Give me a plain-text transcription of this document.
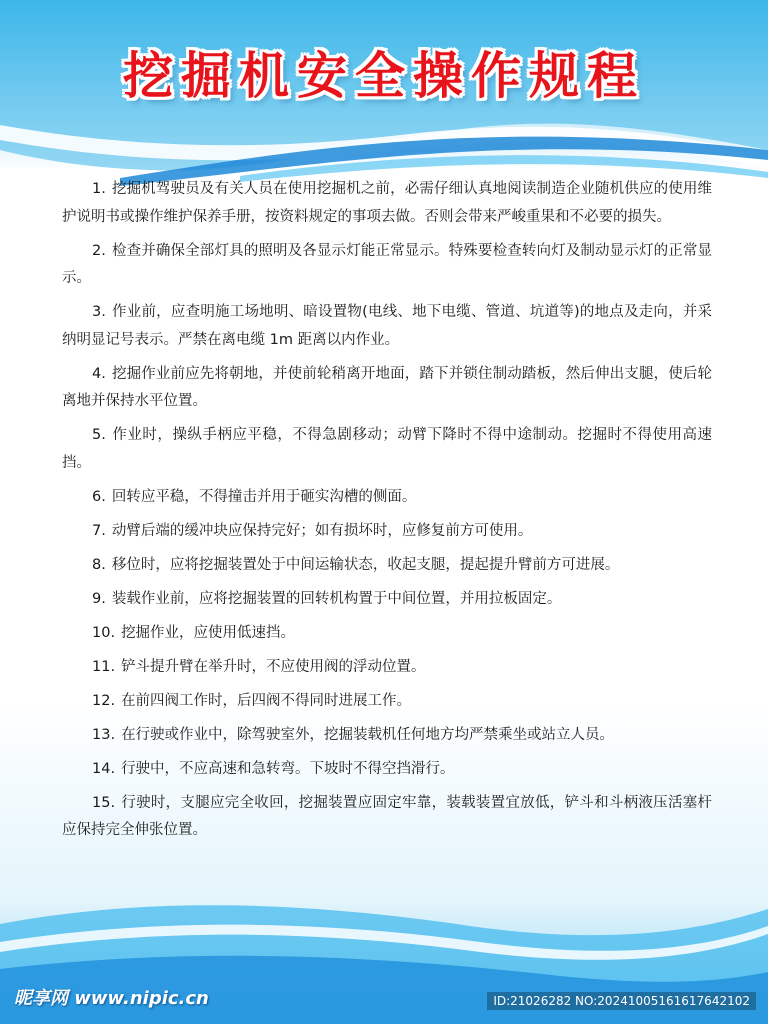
挖掘机安全操作规程
1. 挖掘机驾驶员及有关人员在使用挖掘机之前，必需仔细认真地阅读制造企业随机供应的使用维护说明书或操作维护保养手册，按资料规定的事项去做。否则会带来严峻重果和不必要的损失。
2. 检查并确保全部灯具的照明及各显示灯能正常显示。特殊要检查转向灯及制动显示灯的正常显示。
3. 作业前，应查明施工场地明、暗设置物(电线、地下电缆、管道、坑道等)的地点及走向，并采纳明显记号表示。严禁在离电缆 1m 距离以内作业。
4. 挖掘作业前应先将朝地，并使前轮稍离开地面，踏下并锁住制动踏板，然后伸出支腿，使后轮离地并保持水平位置。
5. 作业时，操纵手柄应平稳，不得急剧移动；动臂下降时不得中途制动。挖掘时不得使用高速挡。
6. 回转应平稳，不得撞击并用于砸实沟槽的侧面。
7. 动臂后端的缓冲块应保持完好；如有损坏时，应修复前方可使用。
8. 移位时，应将挖掘装置处于中间运输状态，收起支腿，提起提升臂前方可进展。
9. 装载作业前，应将挖掘装置的回转机构置于中间位置，并用拉板固定。
10. 挖掘作业，应使用低速挡。
11. 铲斗提升臂在举升时，不应使用阀的浮动位置。
12. 在前四阀工作时，后四阀不得同时进展工作。
13. 在行驶或作业中，除驾驶室外，挖掘装载机任何地方均严禁乘坐或站立人员。
14. 行驶中，不应高速和急转弯。下坡时不得空挡滑行。
15. 行驶时，支腿应完全收回，挖掘装置应固定牢靠，装载装置宜放低，铲斗和斗柄液压活塞杆应保持完全伸张位置。
昵享网 www.nipic.cn	ID:21026282 NO:20241005161617642102
